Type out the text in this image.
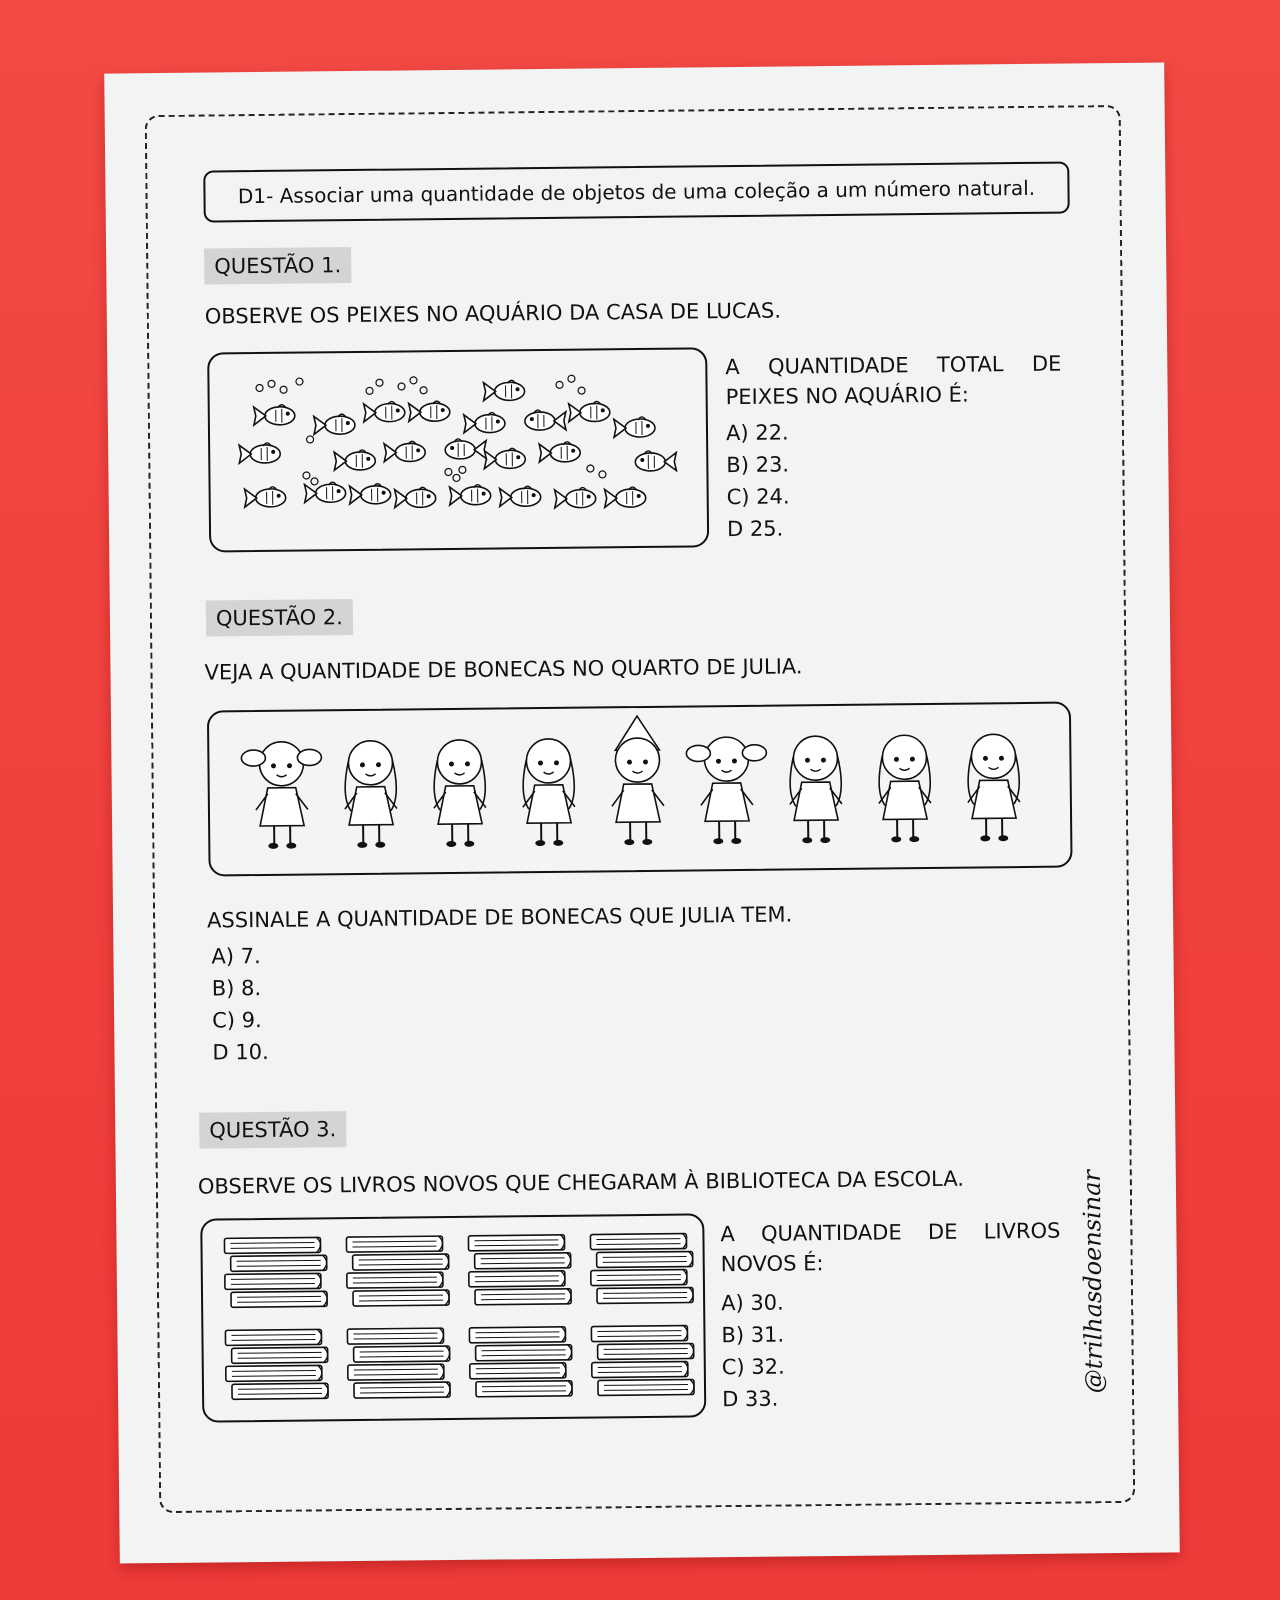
D1- Associar uma quantidade de objetos de uma coleção a um número natural.
QUESTÃO 1.
OBSERVE OS PEIXES NO AQUÁRIO DA CASA DE LUCAS.
A QUANTIDADE TOTAL DE
PEIXES NO AQUÁRIO É:
A) 22.
B) 23.
C) 24.
D 25.
QUESTÃO 2.
VEJA A QUANTIDADE DE BONECAS NO QUARTO DE JULIA.
ASSINALE A QUANTIDADE DE BONECAS QUE JULIA TEM.
A) 7.
B) 8.
C) 9.
D 10.
QUESTÃO 3.
OBSERVE OS LIVROS NOVOS QUE CHEGARAM À BIBLIOTECA DA ESCOLA.
A QUANTIDADE DE LIVROS
NOVOS É:
A) 30.
B) 31.
C) 32.
D 33.
@trilhasdoensinar
